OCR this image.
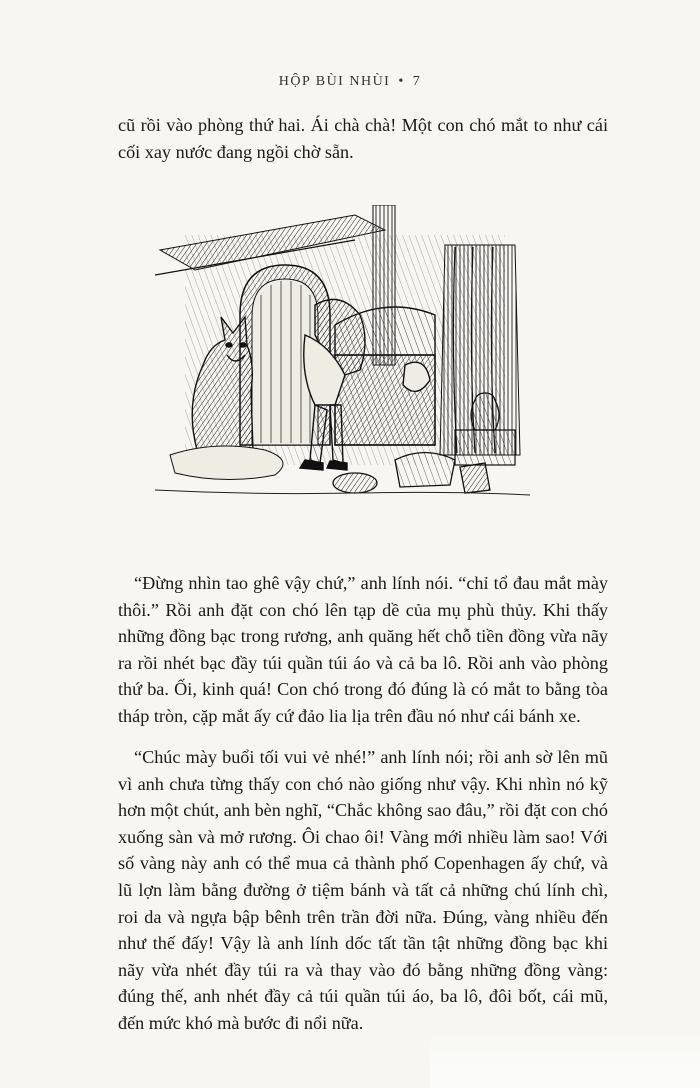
HỘP BÙI NHÙI • 7

cũ rồi vào phòng thứ hai. Ái chà chà! Một con chó mắt to như cái cối xay nước đang ngồi chờ sẵn.

“Đừng nhìn tao ghê vậy chứ,” anh lính nói. “chỉ tổ đau mắt mày thôi.” Rồi anh đặt con chó lên tạp dề của mụ phù thủy. Khi thấy những đồng bạc trong rương, anh quăng hết chỗ tiền đồng vừa nãy ra rồi nhét bạc đầy túi quần túi áo và cả ba lô. Rồi anh vào phòng thứ ba. Ối, kinh quá! Con chó trong đó đúng là có mắt to bằng tòa tháp tròn, cặp mắt ấy cứ đảo lia lịa trên đầu nó như cái bánh xe.

“Chúc mày buổi tối vui vẻ nhé!” anh lính nói; rồi anh sờ lên mũ vì anh chưa từng thấy con chó nào giống như vậy. Khi nhìn nó kỹ hơn một chút, anh bèn nghĩ, “Chắc không sao đâu,” rồi đặt con chó xuống sàn và mở rương. Ôi chao ôi! Vàng mới nhiều làm sao! Với số vàng này anh có thể mua cả thành phố Copenhagen ấy chứ, và lũ lợn làm bằng đường ở tiệm bánh và tất cả những chú lính chì, roi da và ngựa bập bênh trên trần đời nữa. Đúng, vàng nhiều đến như thế đấy! Vậy là anh lính dốc tất tần tật những đồng bạc khi nãy vừa nhét đầy túi ra và thay vào đó bằng những đồng vàng: đúng thế, anh nhét đầy cả túi quần túi áo, ba lô, đôi bốt, cái mũ, đến mức khó mà bước đi nổi nữa.
